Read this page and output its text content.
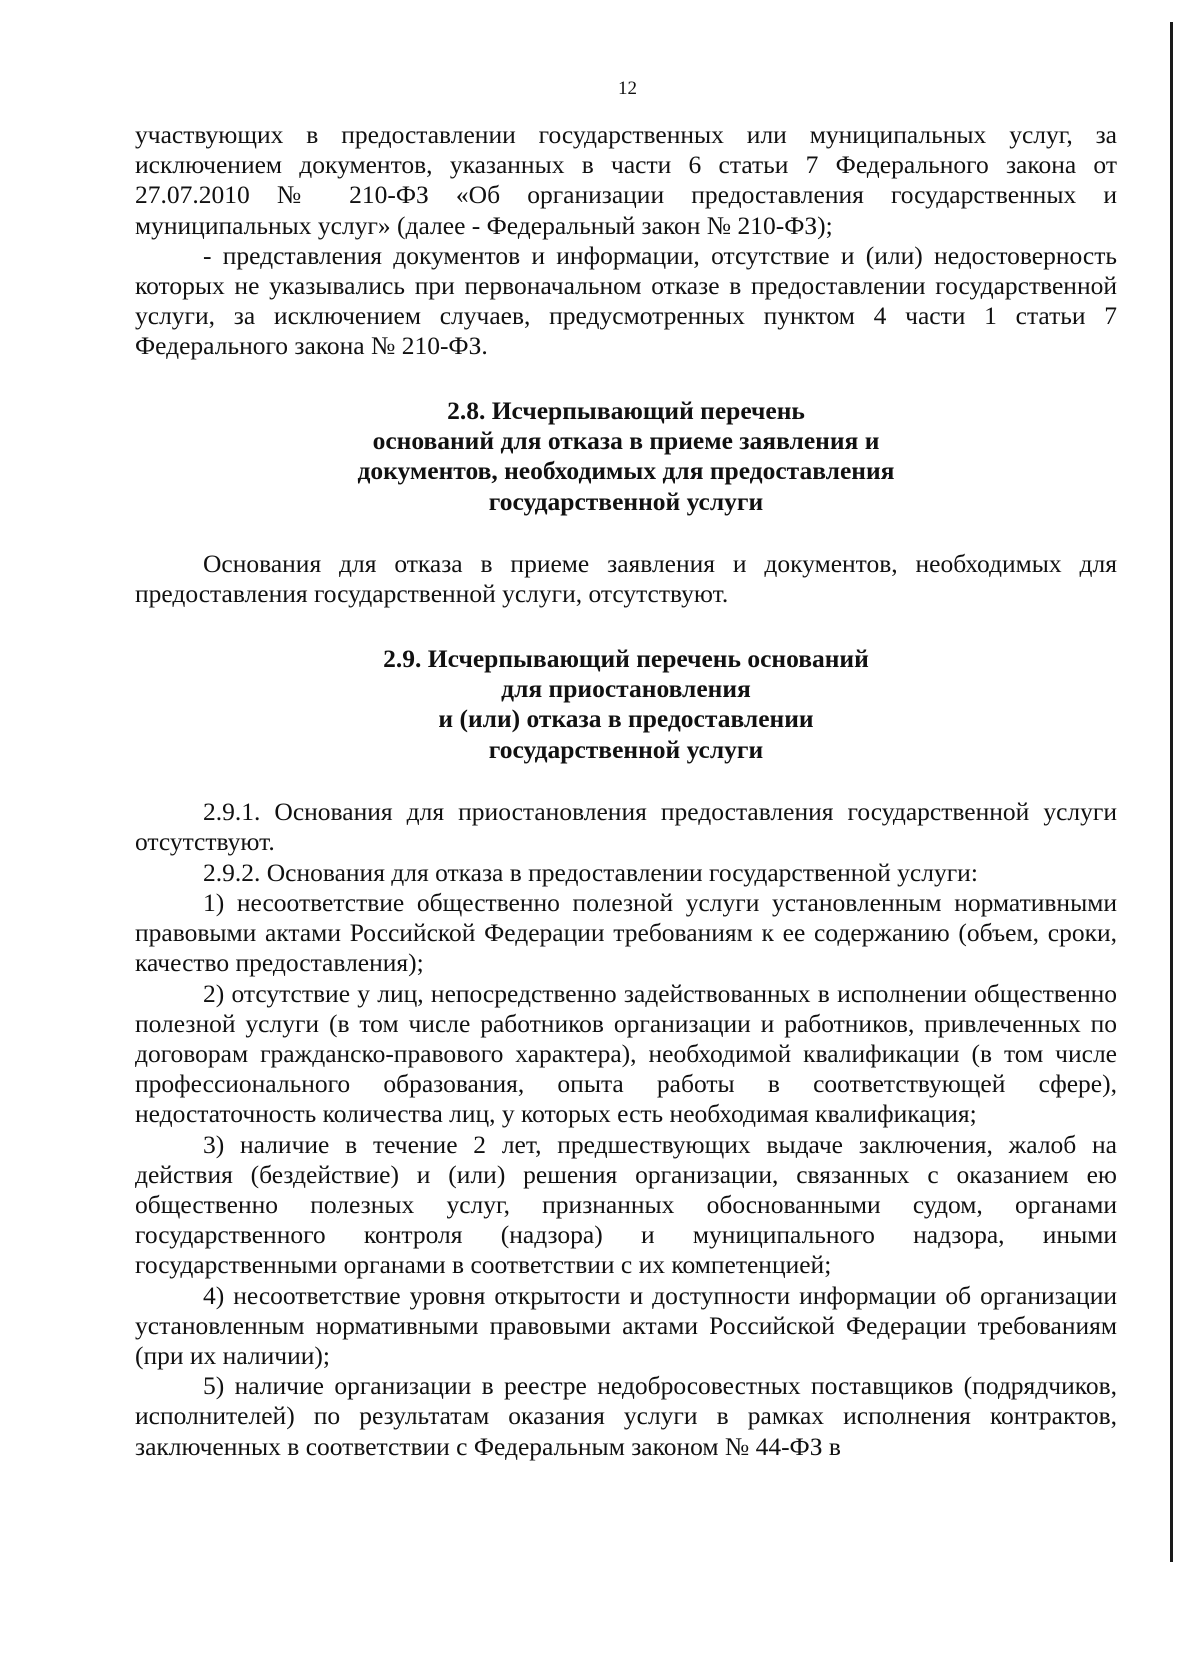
12

участвующих в предоставлении государственных или муниципальных услуг, за исключением документов, указанных в части 6 статьи 7 Федерального закона от 27.07.2010 № 210-ФЗ «Об организации предоставления государственных и муниципальных услуг» (далее - Федеральный закон № 210-ФЗ);

- представления документов и информации, отсутствие и (или) недостоверность которых не указывались при первоначальном отказе в предоставлении государственной услуги, за исключением случаев, предусмотренных пунктом 4 части 1 статьи 7 Федерального закона № 210-ФЗ.

2.8. Исчерпывающий перечень
оснований для отказа в приеме заявления и
документов, необходимых для предоставления
государственной услуги

Основания для отказа в приеме заявления и документов, необходимых для предоставления государственной услуги, отсутствуют.

2.9. Исчерпывающий перечень оснований
для приостановления
и (или) отказа в предоставлении
государственной услуги

2.9.1. Основания для приостановления предоставления государственной услуги отсутствуют.

2.9.2. Основания для отказа в предоставлении государственной услуги:

1) несоответствие общественно полезной услуги установленным нормативными правовыми актами Российской Федерации требованиям к ее содержанию (объем, сроки, качество предоставления);

2) отсутствие у лиц, непосредственно задействованных в исполнении общественно полезной услуги (в том числе работников организации и работников, привлеченных по договорам гражданско-правового характера), необходимой квалификации (в том числе профессионального образования, опыта работы в соответствующей сфере), недостаточность количества лиц, у которых есть необходимая квалификация;

3) наличие в течение 2 лет, предшествующих выдаче заключения, жалоб на действия (бездействие) и (или) решения организации, связанных с оказанием ею общественно полезных услуг, признанных обоснованными судом, органами государственного контроля (надзора) и муниципального надзора, иными государственными органами в соответствии с их компетенцией;

4) несоответствие уровня открытости и доступности информации об организации установленным нормативными правовыми актами Российской Федерации требованиям (при их наличии);

5) наличие организации в реестре недобросовестных поставщиков (подрядчиков, исполнителей) по результатам оказания услуги в рамках исполнения контрактов, заключенных в соответствии с Федеральным законом № 44-ФЗ в
